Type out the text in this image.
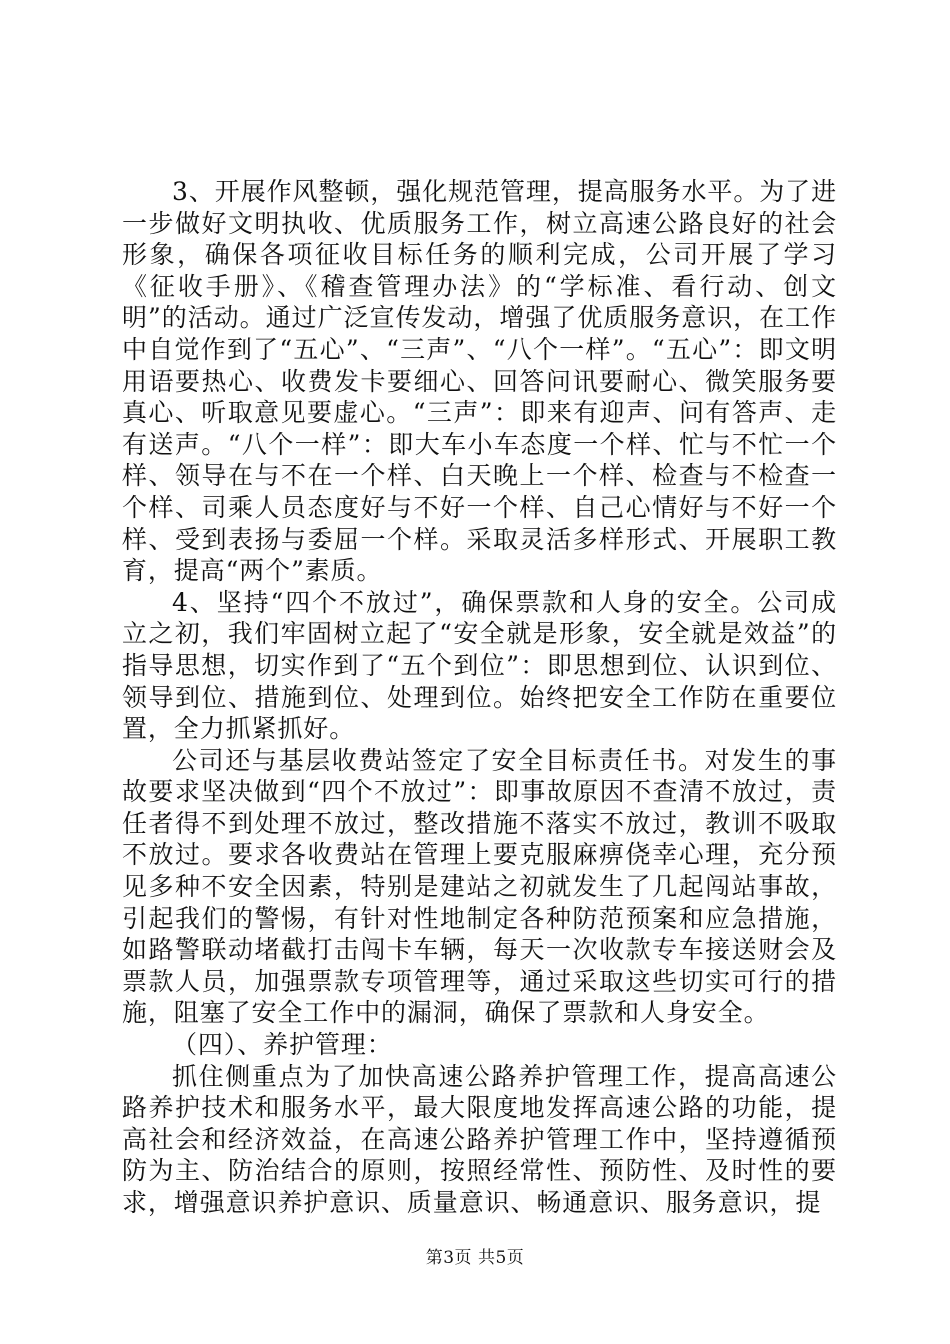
3、开展作风整顿，强化规范管理，提高服务水平。为了进一步做好文明执收、优质服务工作，树立高速公路良好的社会形象，确保各项征收目标任务的顺利完成，公司开展了学习《征收手册》、《稽查管理办法》的“学标准、看行动、创文明”的活动。通过广泛宣传发动，增强了优质服务意识，在工作中自觉作到了“五心”、“三声”、“八个一样”。“五心”：即文明用语要热心、收费发卡要细心、回答问讯要耐心、微笑服务要真心、听取意见要虚心。“三声”：即来有迎声、问有答声、走有送声。“八个一样”：即大车小车态度一个样、忙与不忙一个样、领导在与不在一个样、白天晚上一个样、检查与不检查一个样、司乘人员态度好与不好一个样、自己心情好与不好一个样、受到表扬与委屈一个样。采取灵活多样形式、开展职工教育，提高“两个”素质。

4、坚持“四个不放过”，确保票款和人身的安全。公司成立之初，我们牢固树立起了“安全就是形象，安全就是效益”的指导思想，切实作到了“五个到位”：即思想到位、认识到位、领导到位、措施到位、处理到位。始终把安全工作防在重要位置，全力抓紧抓好。

公司还与基层收费站签定了安全目标责任书。对发生的事故要求坚决做到“四个不放过”：即事故原因不查清不放过，责任者得不到处理不放过，整改措施不落实不放过，教训不吸取不放过。要求各收费站在管理上要克服麻痹侥幸心理，充分预见多种不安全因素，特别是建站之初就发生了几起闯站事故，引起我们的警惕，有针对性地制定各种防范预案和应急措施，如路警联动堵截打击闯卡车辆，每天一次收款专车接送财会及票款人员，加强票款专项管理等，通过采取这些切实可行的措施，阻塞了安全工作中的漏洞，确保了票款和人身安全。

（四）、养护管理：

抓住侧重点为了加快高速公路养护管理工作，提高高速公路养护技术和服务水平，最大限度地发挥高速公路的功能，提高社会和经济效益，在高速公路养护管理工作中，坚持遵循预防为主、防治结合的原则，按照经常性、预防性、及时性的要求，增强意识养护意识、质量意识、畅通意识、服务意识，提

第3页 共5页
